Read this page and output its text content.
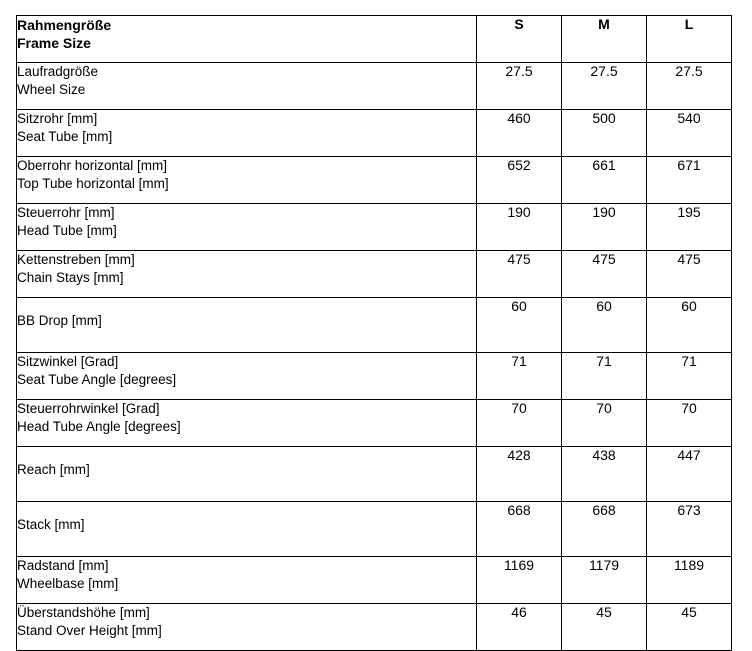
Rahmengröße
Frame Size	S	M	L

Laufradgröße
Wheel Size	27.5	27.5	27.5

Sitzrohr [mm]
Seat Tube [mm]	460	500	540

Oberrohr horizontal [mm]
Top Tube horizontal [mm]	652	661	671

Steuerrohr [mm]
Head Tube [mm]	190	190	195

Kettenstreben [mm]
Chain Stays [mm]	475	475	475

BB Drop [mm]	60	60	60

Sitzwinkel [Grad]
Seat Tube Angle [degrees]	71	71	71

Steuerrohrwinkel [Grad]
Head Tube Angle [degrees]	70	70	70

Reach [mm]	428	438	447

Stack [mm]	668	668	673

Radstand [mm]
Wheelbase [mm]	1169	1179	1189

Überstandshöhe [mm]
Stand Over Height [mm]	46	45	45
